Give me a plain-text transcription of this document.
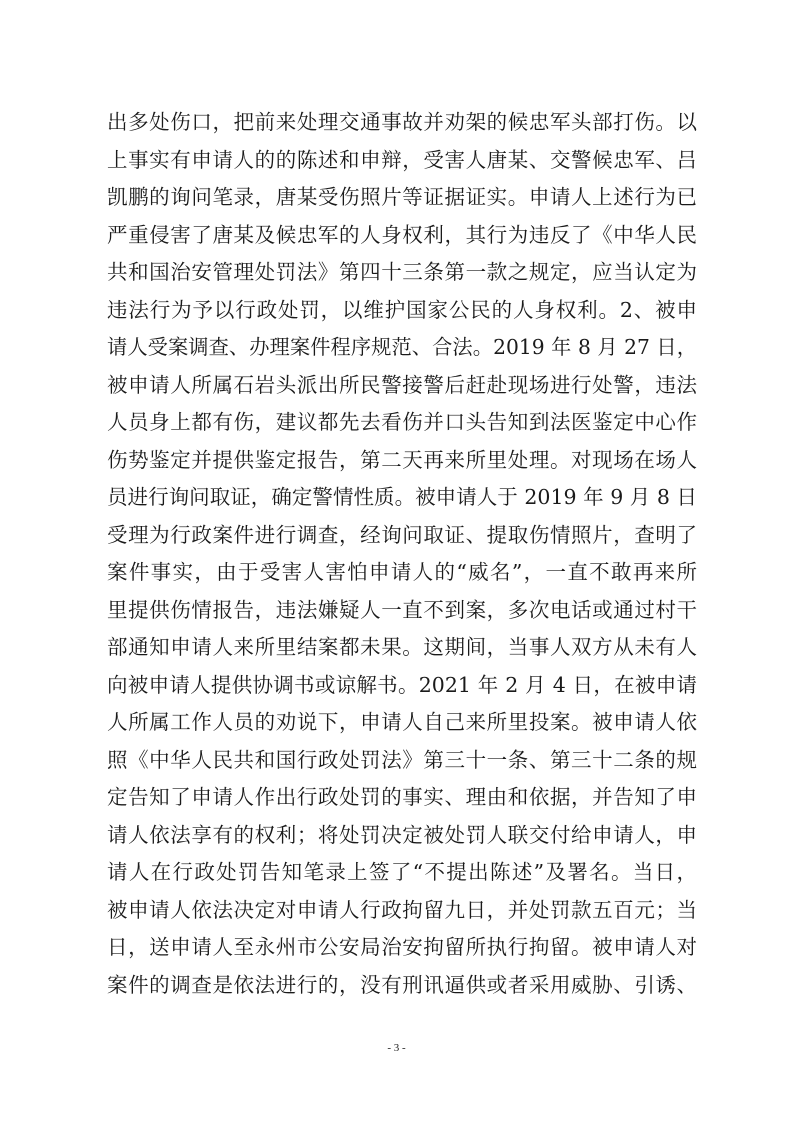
出多处伤口，把前来处理交通事故并劝架的候忠军头部打伤。以
上事实有申请人的的陈述和申辩，受害人唐某、交警候忠军、吕
凯鹏的询问笔录，唐某受伤照片等证据证实。申请人上述行为已
严重侵害了唐某及候忠军的人身权利，其行为违反了《中华人民
共和国治安管理处罚法》第四十三条第一款之规定，应当认定为
违法行为予以行政处罚，以维护国家公民的人身权利。2、被申
请人受案调查、办理案件程序规范、合法。2019 年 8 月 27 日，
被申请人所属石岩头派出所民警接警后赶赴现场进行处警，违法
人员身上都有伤，建议都先去看伤并口头告知到法医鉴定中心作
伤势鉴定并提供鉴定报告，第二天再来所里处理。对现场在场人
员进行询问取证，确定警情性质。被申请人于 2019 年 9 月 8 日
受理为行政案件进行调查，经询问取证、提取伤情照片，查明了
案件事实，由于受害人害怕申请人的“威名”，一直不敢再来所
里提供伤情报告，违法嫌疑人一直不到案，多次电话或通过村干
部通知申请人来所里结案都未果。这期间，当事人双方从未有人
向被申请人提供协调书或谅解书。2021 年 2 月 4 日，在被申请
人所属工作人员的劝说下，申请人自己来所里投案。被申请人依
照《中华人民共和国行政处罚法》第三十一条、第三十二条的规
定告知了申请人作出行政处罚的事实、理由和依据，并告知了申
请人依法享有的权利；将处罚决定被处罚人联交付给申请人，申
请人在行政处罚告知笔录上签了“不提出陈述”及署名。当日，
被申请人依法决定对申请人行政拘留九日，并处罚款五百元；当
日，送申请人至永州市公安局治安拘留所执行拘留。被申请人对
案件的调查是依法进行的，没有刑讯逼供或者采用威胁、引诱、
- 3 -
